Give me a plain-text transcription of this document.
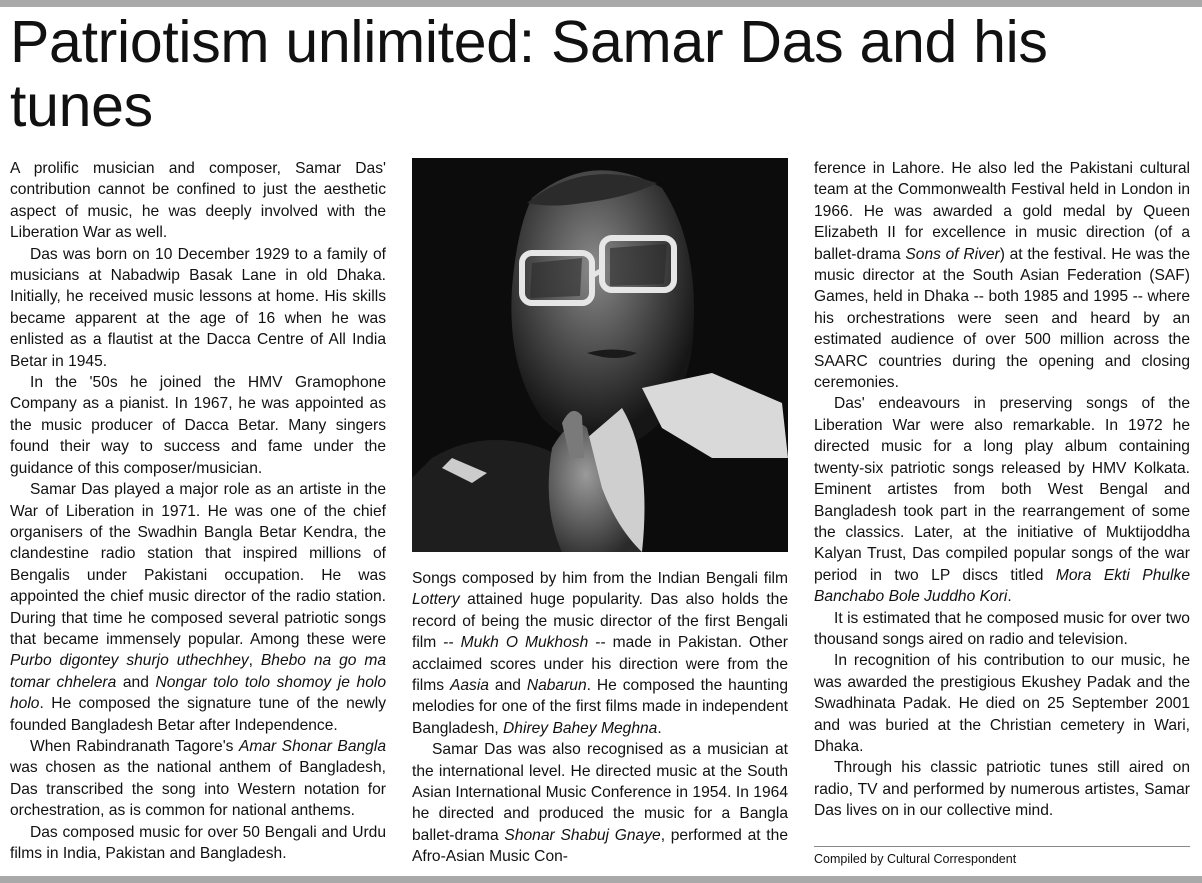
Patriotism unlimited: Samar Das and his tunes

A prolific musician and composer, Samar Das' contribution cannot be confined to just the aesthetic aspect of music, he was deeply involved with the Liberation War as well.

Das was born on 10 December 1929 to a family of musicians at Nabadwip Basak Lane in old Dhaka. Initially, he received music lessons at home. His skills became apparent at the age of 16 when he was enlisted as a flautist at the Dacca Centre of All India Betar in 1945.

In the '50s he joined the HMV Gramophone Company as a pianist. In 1967, he was appointed as the music producer of Dacca Betar. Many singers found their way to success and fame under the guidance of this composer/musician.

Samar Das played a major role as an artiste in the War of Liberation in 1971. He was one of the chief organisers of the Swadhin Bangla Betar Kendra, the clandestine radio station that inspired millions of Bengalis under Pakistani occupation. He was appointed the chief music director of the radio station. During that time he composed several patriotic songs that became immensely popular. Among these were Purbo digontey shurjo uthechhey, Bhebo na go ma tomar chhelera and Nongar tolo tolo shomoy je holo holo. He composed the signature tune of the newly founded Bangladesh Betar after Independence.

When Rabindranath Tagore's Amar Shonar Bangla was chosen as the national anthem of Bangladesh, Das transcribed the song into Western notation for orchestration, as is common for national anthems.

Das composed music for over 50 Bengali and Urdu films in India, Pakistan and Bangladesh.

Songs composed by him from the Indian Bengali film Lottery attained huge popularity. Das also holds the record of being the music director of the first Bengali film -- Mukh O Mukhosh -- made in Pakistan. Other acclaimed scores under his direction were from the films Aasia and Nabarun. He composed the haunting melodies for one of the first films made in independent Bangladesh, Dhirey Bahey Meghna.

Samar Das was also recognised as a musician at the international level. He directed music at the South Asian International Music Conference in 1954. In 1964 he directed and produced the music for a Bangla ballet-drama Shonar Shabuj Gnaye, performed at the Afro-Asian Music Con-

ference in Lahore. He also led the Pakistani cultural team at the Commonwealth Festival held in London in 1966. He was awarded a gold medal by Queen Elizabeth II for excellence in music direction (of a ballet-drama Sons of River) at the festival. He was the music director at the South Asian Federation (SAF) Games, held in Dhaka -- both 1985 and 1995 -- where his orchestrations were seen and heard by an estimated audience of over 500 million across the SAARC countries during the opening and closing ceremonies.

Das' endeavours in preserving songs of the Liberation War were also remarkable. In 1972 he directed music for a long play album containing twenty-six patriotic songs released by HMV Kolkata. Eminent artistes from both West Bengal and Bangladesh took part in the rearrangement of some the classics. Later, at the initiative of Muktijoddha Kalyan Trust, Das compiled popular songs of the war period in two LP discs titled Mora Ekti Phulke Banchabo Bole Juddho Kori.

It is estimated that he composed music for over two thousand songs aired on radio and television.

In recognition of his contribution to our music, he was awarded the prestigious Ekushey Padak and the Swadhinata Padak. He died on 25 September 2001 and was buried at the Christian cemetery in Wari, Dhaka.

Through his classic patriotic tunes still aired on radio, TV and performed by numerous artistes, Samar Das lives on in our collective mind.

Compiled by Cultural Correspondent
